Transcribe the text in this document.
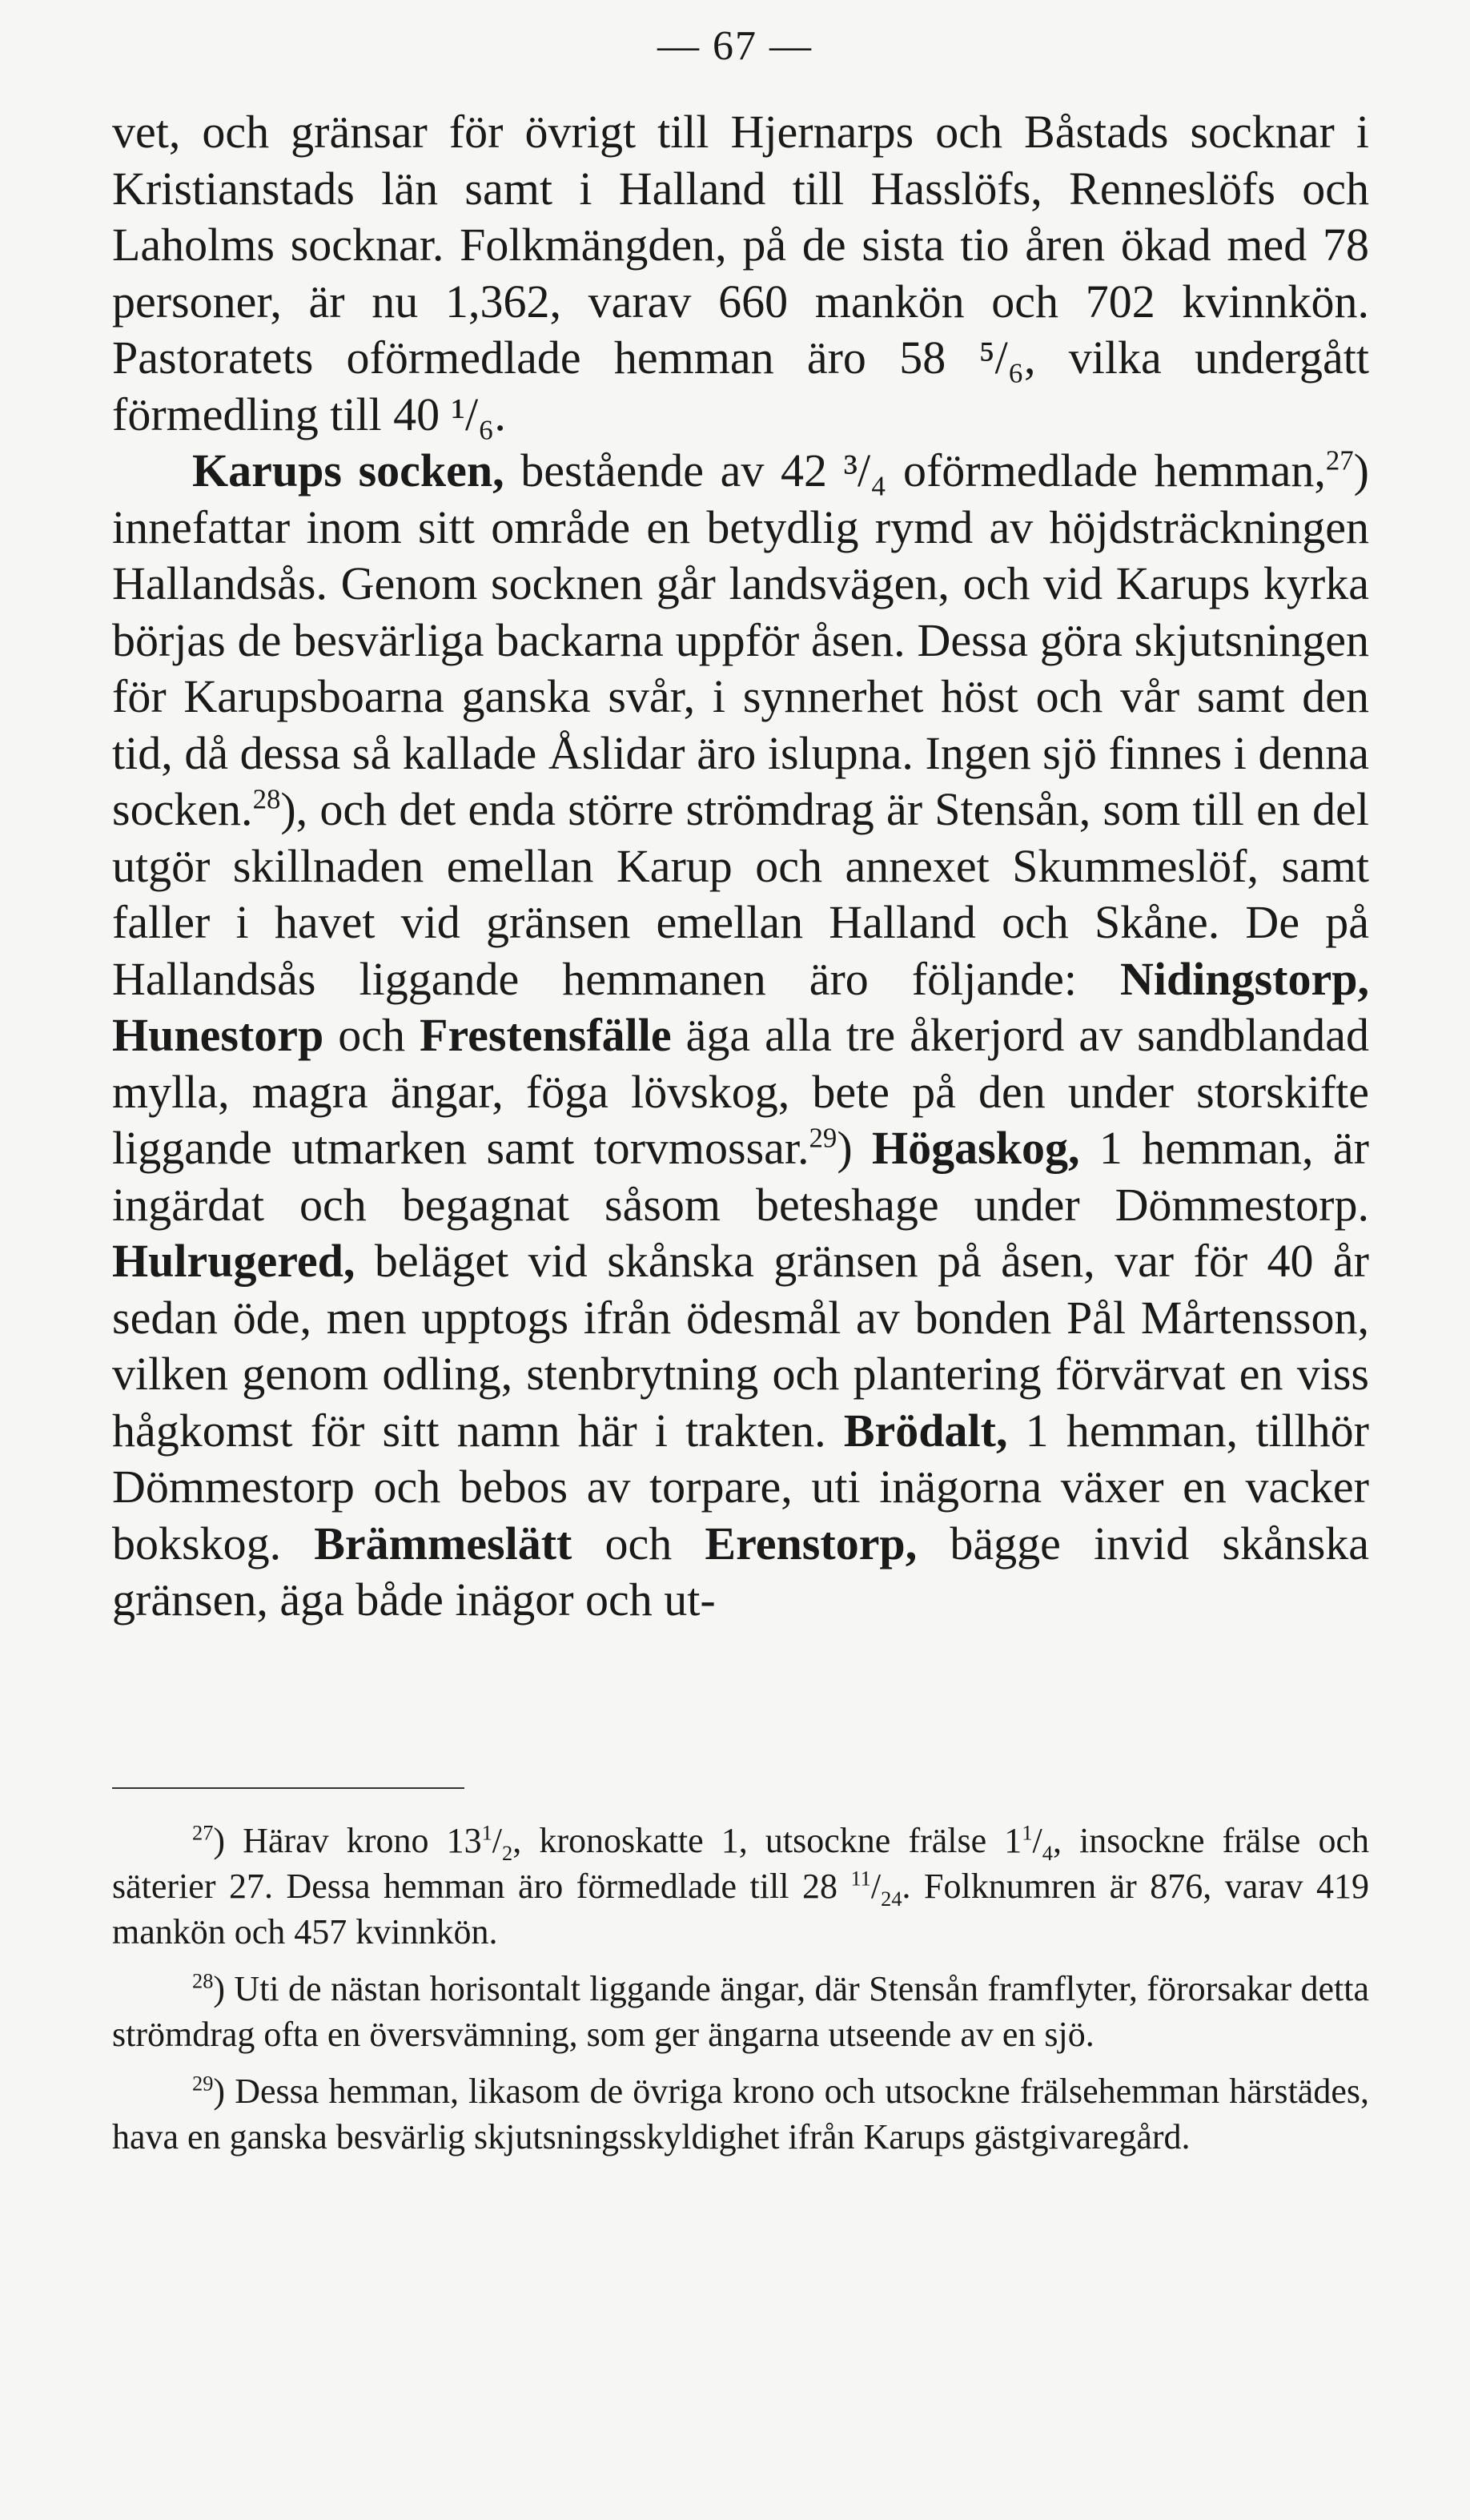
— 67 —

vet, och gränsar för övrigt till Hjernarps och Båstads socknar i Kristianstads län samt i Halland till Hasslöfs, Renneslöfs och Laholms socknar. Folkmängden, på de sista tio åren ökad med 78 personer, är nu 1,362, varav 660 mankön och 702 kvinnkön. Pastoratets oförmedlade hemman äro 58 ⁵/₆, vilka undergått förmedling till 40 ¹/₆.

Karups socken, bestående av 42 ³/₄ oförmedlade hemman,$^{27}$) innefattar inom sitt område en betydlig rymd av höjdsträckningen Hallandsås. Genom socknen går landsvägen, och vid Karups kyrka börjas de besvärliga backarna uppför åsen. Dessa göra skjutsningen för Karupsboarna ganska svår, i synnerhet höst och vår samt den tid, då dessa så kallade Åslidar äro islupna. Ingen sjö finnes i denna socken.$^{28}$), och det enda större strömdrag är Stensån, som till en del utgör skillnaden emellan Karup och annexet Skummeslöf, samt faller i havet vid gränsen emellan Halland och Skåne. De på Hallandsås liggande hemmanen äro följande: Nidingstorp, Hunestorp och Frestensfälle äga alla tre åkerjord av sandblandad mylla, magra ängar, föga lövskog, bete på den under storskifte liggande utmarken samt torvmossar.$^{29}$) Högaskog, 1 hemman, är ingärdat och begagnat såsom beteshage under Dömmestorp. Hulrugered, beläget vid skånska gränsen på åsen, var för 40 år sedan öde, men upptogs ifrån ödesmål av bonden Pål Mårtensson, vilken genom odling, stenbrytning och plantering förvärvat en viss hågkomst för sitt namn här i trakten. Brödalt, 1 hemman, tillhör Dömmestorp och bebos av torpare, uti inägorna växer en vacker bokskog. Brämmeslätt och Erenstorp, bägge invid skånska gränsen, äga både inägor och ut-

$^{27}$) Härav krono $13^1/_2$, kronoskatte 1, utsockne frälse $1^1/_4$, insockne frälse och säterier 27. Dessa hemman äro förmedlade till 28 $^{11}/_{24}$. Folknumren är 876, varav 419 mankön och 457 kvinnkön.

$^{28}$) Uti de nästan horisontalt liggande ängar, där Stensån framflyter, förorsakar detta strömdrag ofta en översvämning, som ger ängarna utseende av en sjö.

$^{29}$) Dessa hemman, likasom de övriga krono och utsockne frälsehemman härstädes, hava en ganska besvärlig skjutsningsskyldighet ifrån Karups gästgivaregård.
